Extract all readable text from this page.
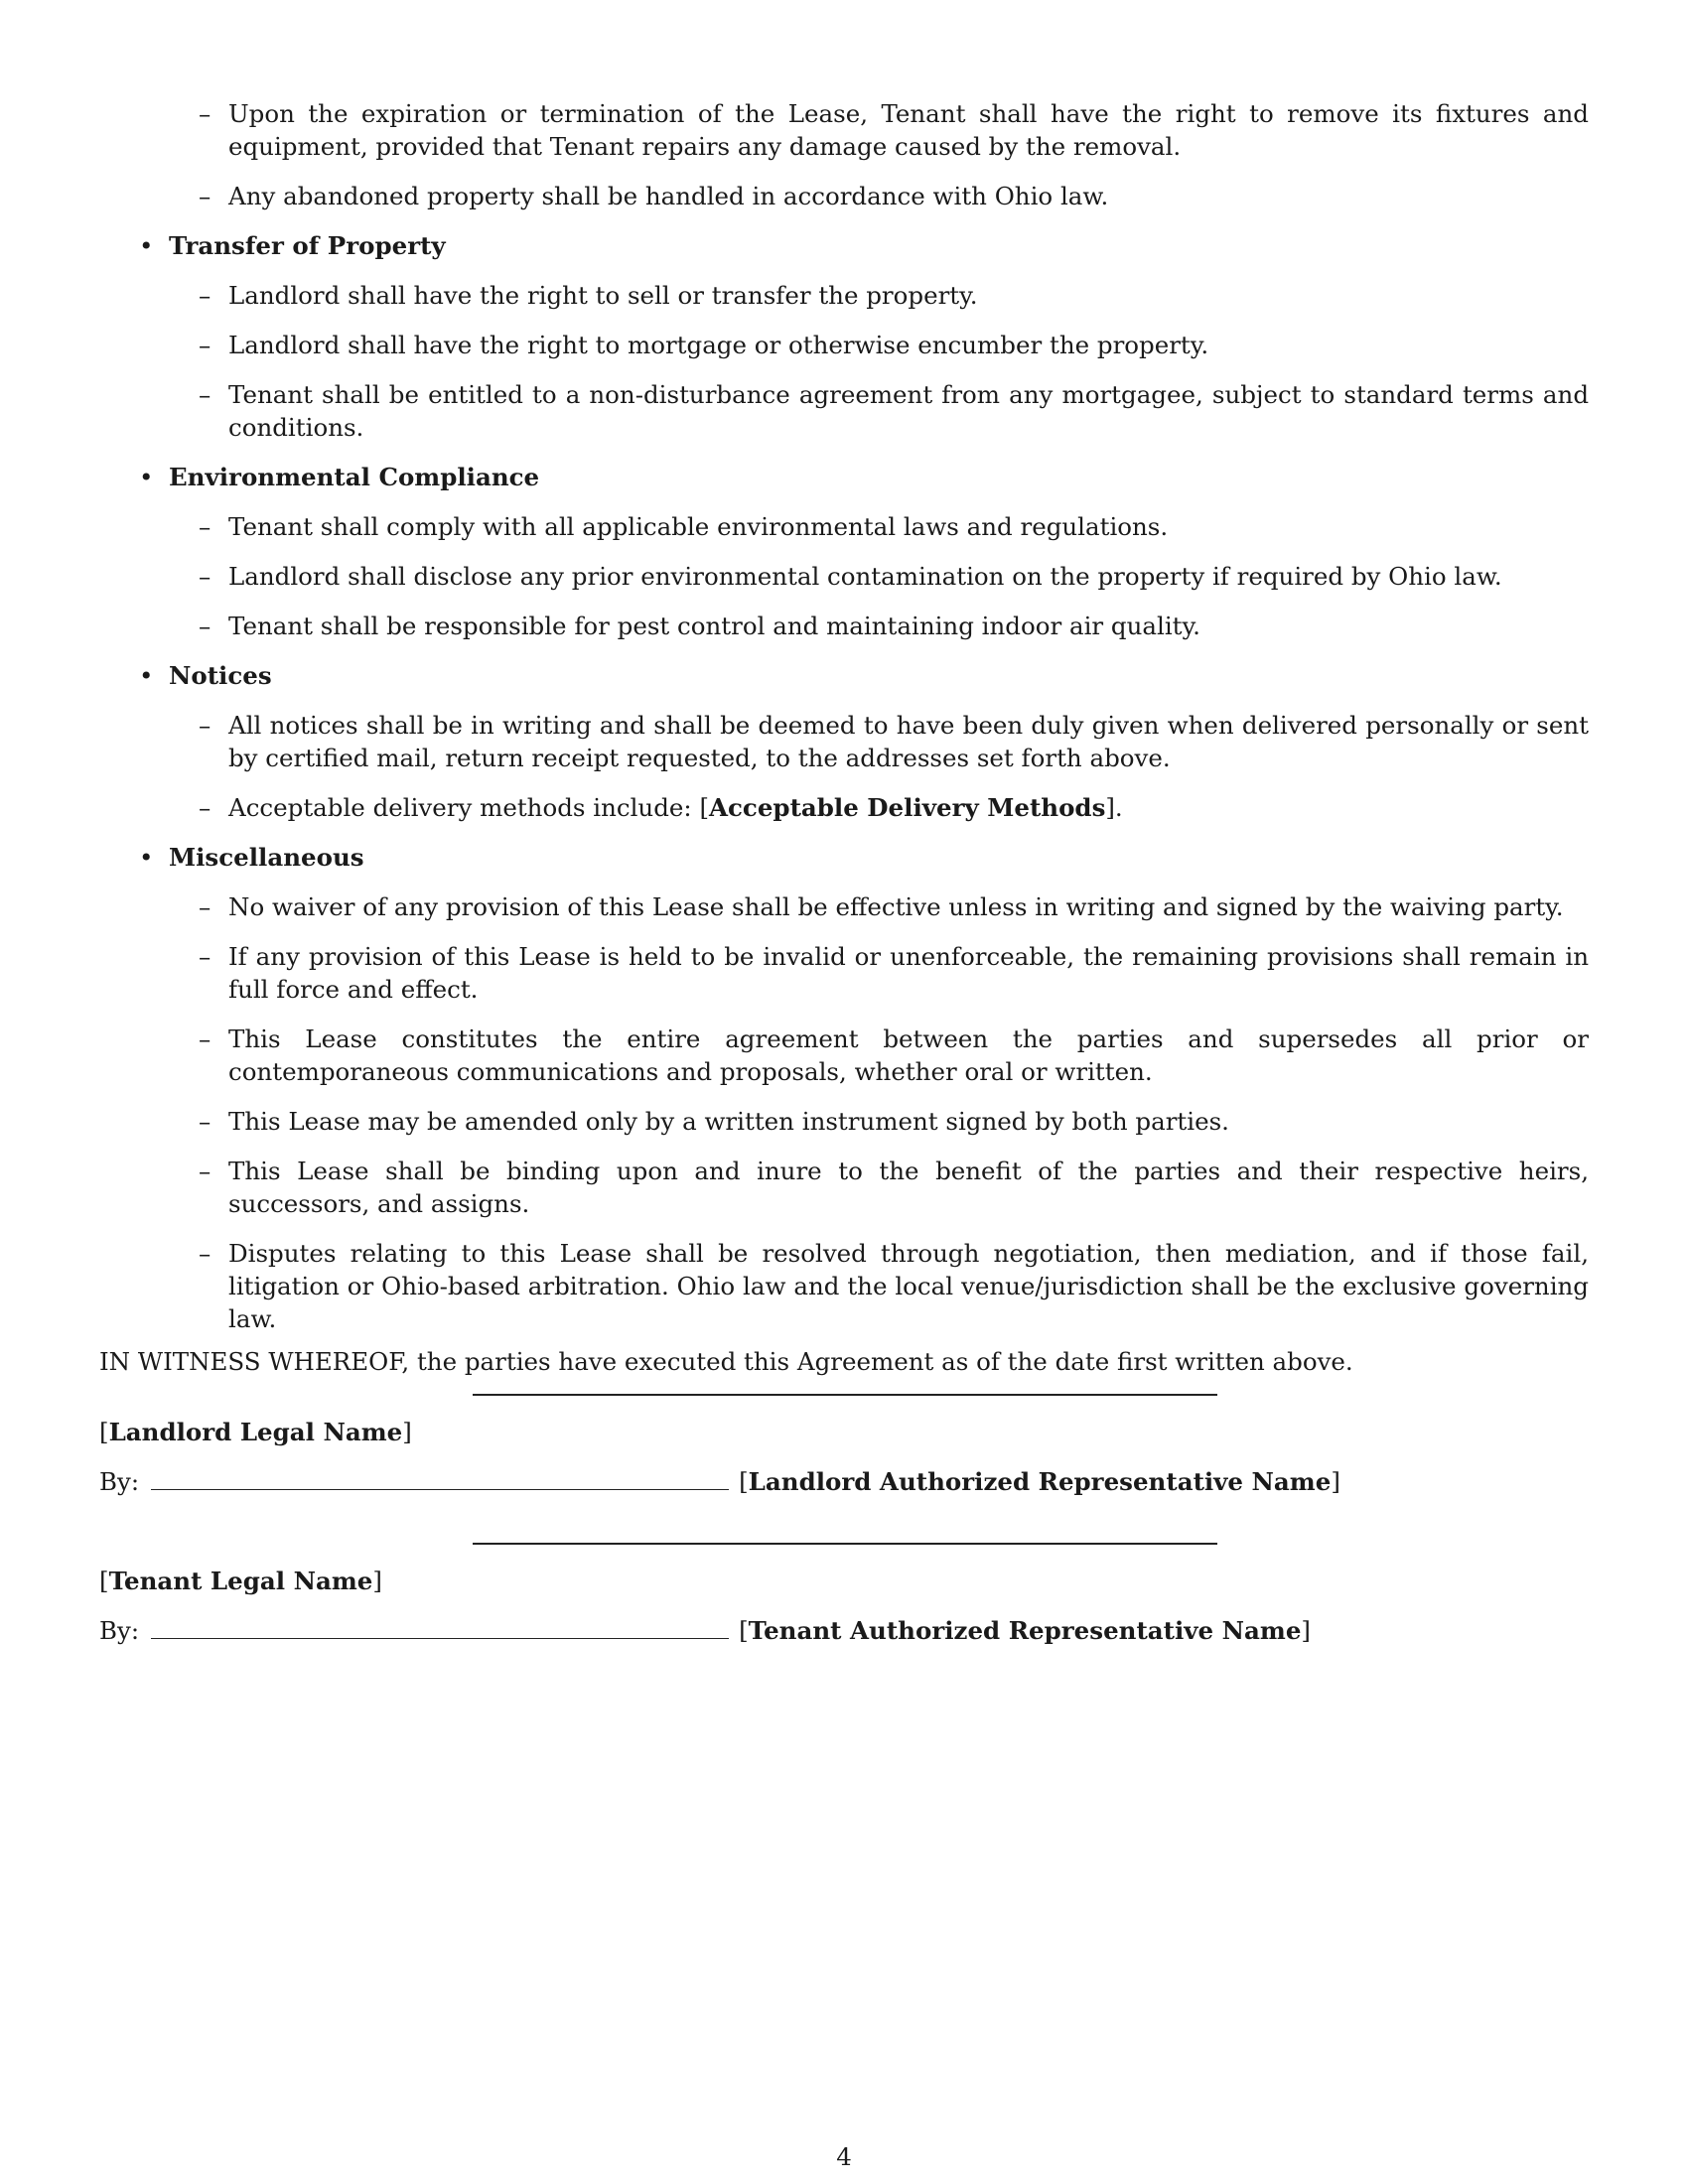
– Upon the expiration or termination of the Lease, Tenant shall have the right to remove its fixtures and equipment, provided that Tenant repairs any damage caused by the removal.
– Any abandoned property shall be handled in accordance with Ohio law.
• Transfer of Property
– Landlord shall have the right to sell or transfer the property.
– Landlord shall have the right to mortgage or otherwise encumber the property.
– Tenant shall be entitled to a non-disturbance agreement from any mortgagee, subject to standard terms and conditions.
• Environmental Compliance
– Tenant shall comply with all applicable environmental laws and regulations.
– Landlord shall disclose any prior environmental contamination on the property if required by Ohio law.
– Tenant shall be responsible for pest control and maintaining indoor air quality.
• Notices
– All notices shall be in writing and shall be deemed to have been duly given when delivered personally or sent by certified mail, return receipt requested, to the addresses set forth above.
– Acceptable delivery methods include: [Acceptable Delivery Methods].
• Miscellaneous
– No waiver of any provision of this Lease shall be effective unless in writing and signed by the waiving party.
– If any provision of this Lease is held to be invalid or unenforceable, the remaining provisions shall remain in full force and effect.
– This Lease constitutes the entire agreement between the parties and supersedes all prior or contemporaneous communications and proposals, whether oral or written.
– This Lease may be amended only by a written instrument signed by both parties.
– This Lease shall be binding upon and inure to the benefit of the parties and their respective heirs, successors, and assigns.
– Disputes relating to this Lease shall be resolved through negotiation, then mediation, and if those fail, litigation or Ohio-based arbitration. Ohio law and the local venue/jurisdiction shall be the exclusive governing law.

IN WITNESS WHEREOF, the parties have executed this Agreement as of the date first written above.

[Landlord Legal Name]
By:	[Landlord Authorized Representative Name]
[Tenant Legal Name]
By:	[Tenant Authorized Representative Name]
4
